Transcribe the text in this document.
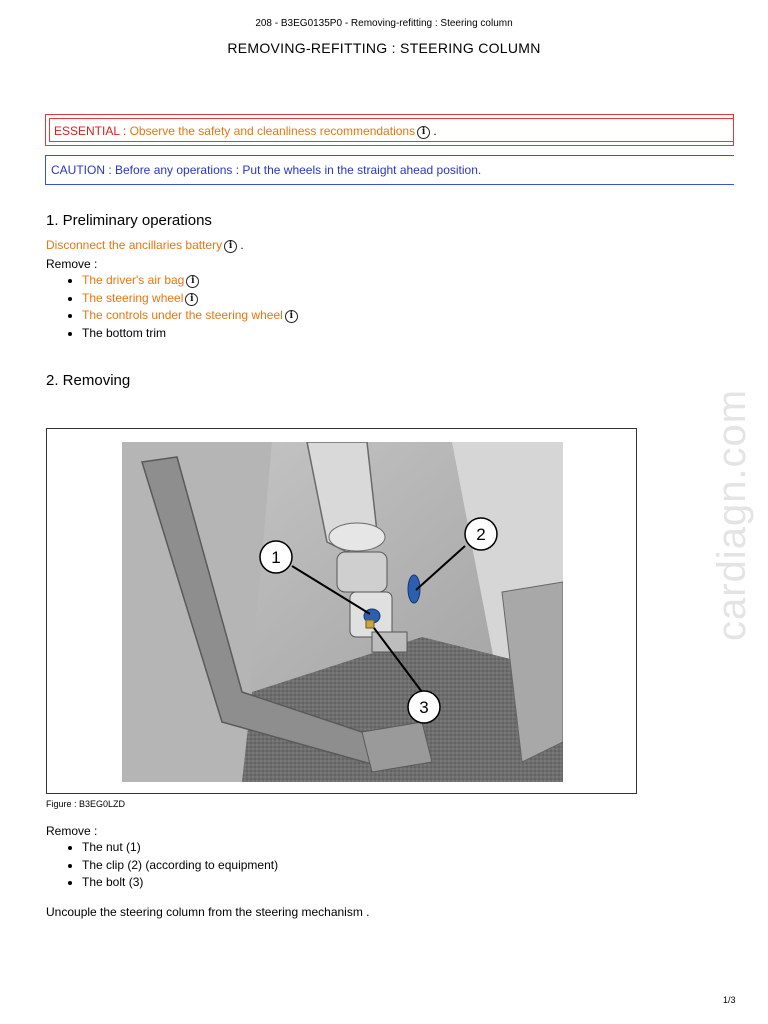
208 - B3EG0135P0 - Removing-refitting : Steering column
REMOVING-REFITTING : STEERING COLUMN
ESSENTIAL : Observe the safety and cleanliness recommendations i .
CAUTION : Before any operations : Put the wheels in the straight ahead position.
1. Preliminary operations
Disconnect the ancillaries battery i .
Remove :
• The driver's air bag i
• The steering wheel i
• The controls under the steering wheel i
• The bottom trim
2. Removing
1
2
3
Figure : B3EG0LZD
Remove :
• The nut (1)
• The clip (2) (according to equipment)
• The bolt (3)
Uncouple the steering column from the steering mechanism .
cardiagn.com
1/3
